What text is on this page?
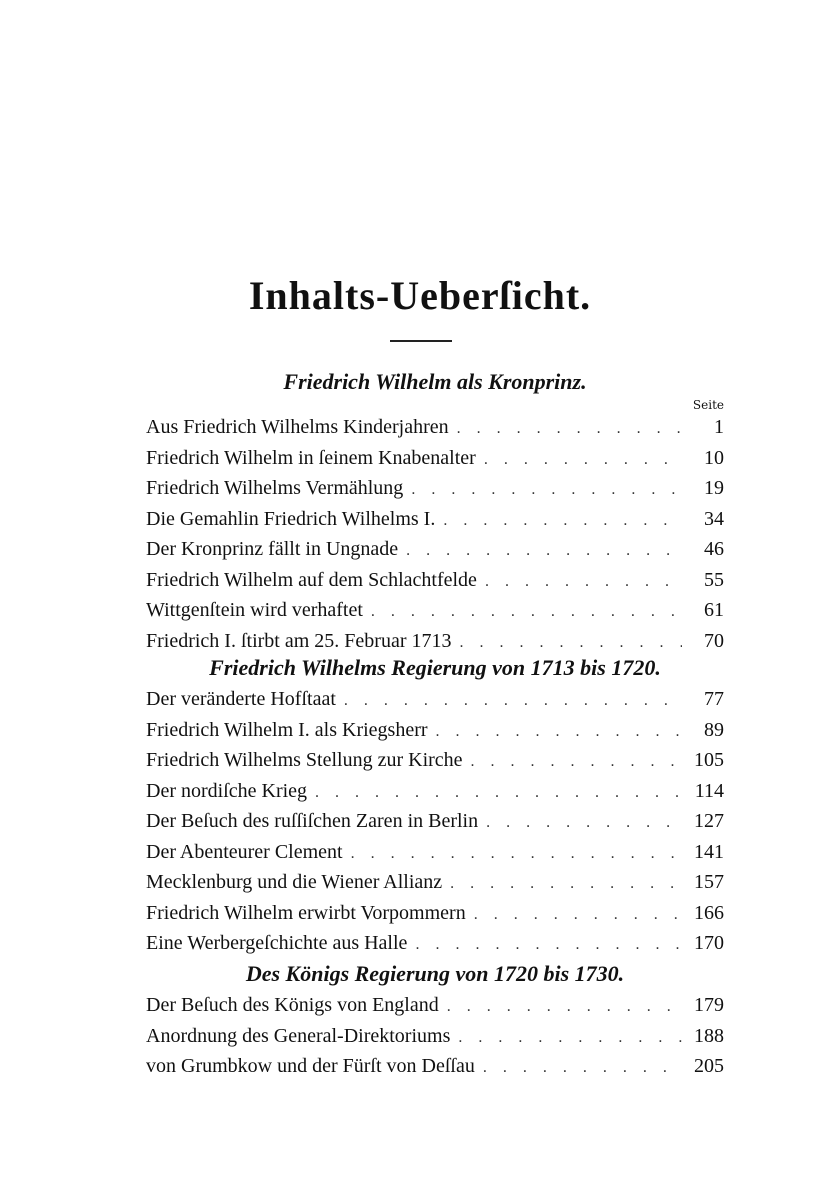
Inhalts-Ueberſicht.
Friedrich Wilhelm als Kronprinz.
Seite
Aus Friedrich Wilhelms Kinderjahren . . .	1
Friedrich Wilhelm in ſeinem Knabenalter . . .	10
Friedrich Wilhelms Vermählung . . .	19
Die Gemahlin Friedrich Wilhelms I. . . .	34
Der Kronprinz fällt in Ungnade . . .	46
Friedrich Wilhelm auf dem Schlachtfelde . . .	55
Wittgenſtein wird verhaftet . . .	61
Friedrich I. ſtirbt am 25. Februar 1713 . . .	70
Friedrich Wilhelms Regierung von 1713 bis 1720.
Der veränderte Hofſtaat . . .	77
Friedrich Wilhelm I. als Kriegsherr . . .	89
Friedrich Wilhelms Stellung zur Kirche . . .	105
Der nordiſche Krieg . . .	114
Der Beſuch des ruſſiſchen Zaren in Berlin . . .	127
Der Abenteurer Clement . . .	141
Mecklenburg und die Wiener Allianz . . .	157
Friedrich Wilhelm erwirbt Vorpommern . . .	166
Eine Werbergeſchichte aus Halle . . .	170
Des Königs Regierung von 1720 bis 1730.
Der Beſuch des Königs von England . . .	179
Anordnung des General-Direktoriums . . .	188
von Grumbkow und der Fürſt von Deſſau . . .	205
